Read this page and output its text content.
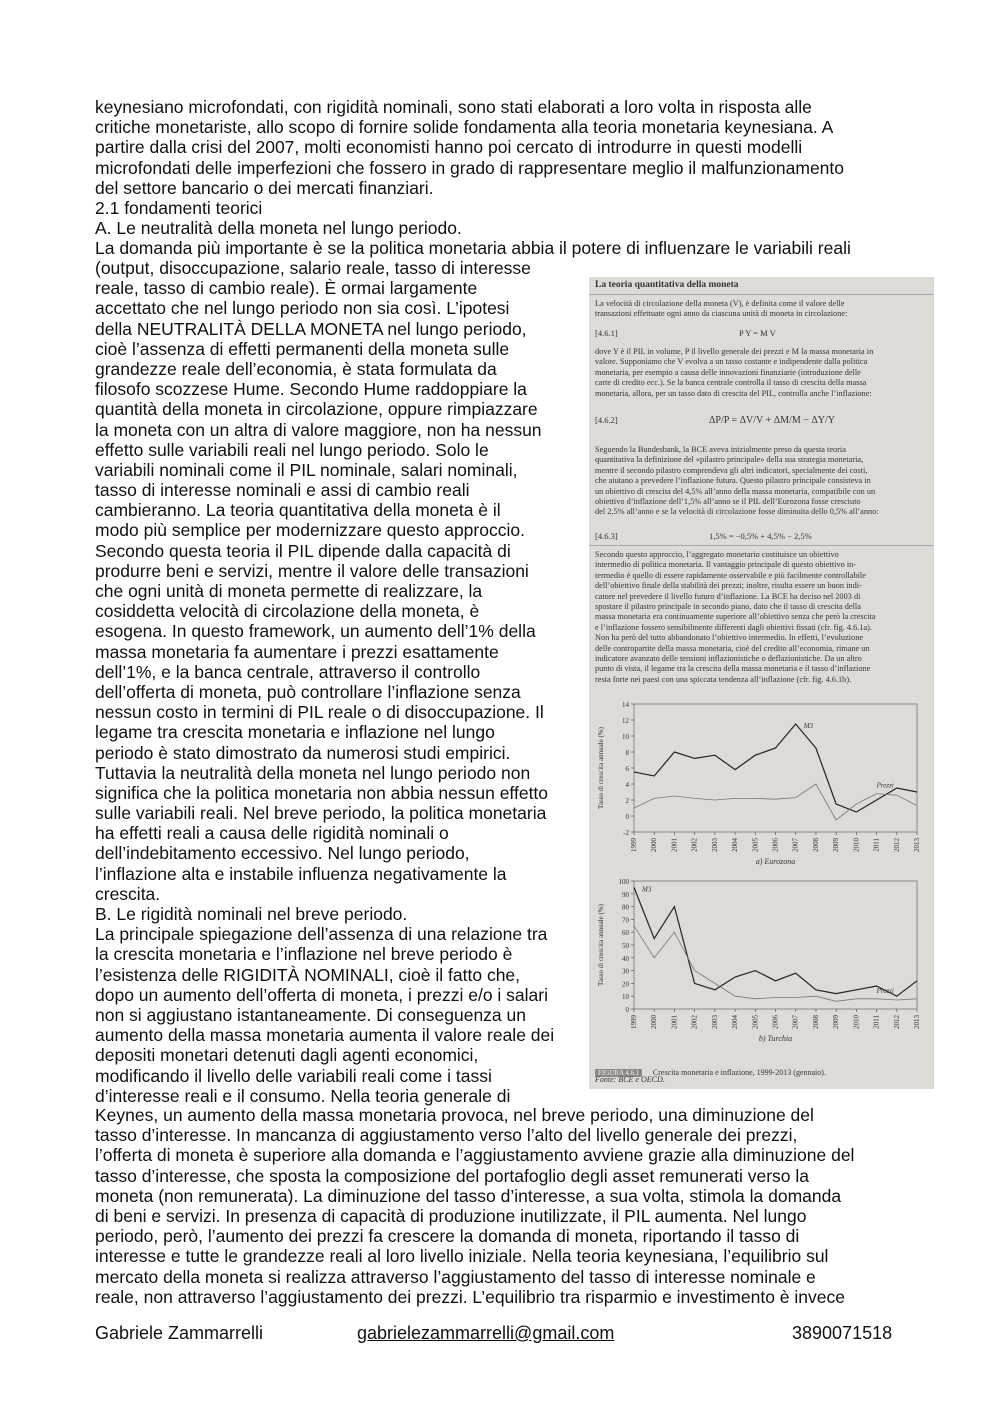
keynesiano microfondati, con rigidità nominali, sono stati elaborati a loro volta in risposta alle
critiche monetariste, allo scopo di fornire solide fondamenta alla teoria monetaria keynesiana. A
partire dalla crisi del 2007, molti economisti hanno poi cercato di introdurre in questi modelli
microfondati delle imperfezioni che fossero in grado di rappresentare meglio il malfunzionamento
del settore bancario o dei mercati finanziari.
2.1 fondamenti teorici
A. Le neutralità della moneta nel lungo periodo.
La domanda più importante è se la politica monetaria abbia il potere di influenzare le variabili reali
(output, disoccupazione, salario reale, tasso di interesse
reale, tasso di cambio reale). È ormai largamente
accettato che nel lungo periodo non sia così. L’ipotesi
della NEUTRALITÀ DELLA MONETA nel lungo periodo,
cioè l’assenza di effetti permanenti della moneta sulle
grandezze reale dell’economia, è stata formulata da
filosofo scozzese Hume. Secondo Hume raddoppiare la
quantità della moneta in circolazione, oppure rimpiazzare
la moneta con un altra di valore maggiore, non ha nessun
effetto sulle variabili reali nel lungo periodo. Solo le
variabili nominali come il PIL nominale, salari nominali,
tasso di interesse nominali e assi di cambio reali
cambieranno. La teoria quantitativa della moneta è il
modo più semplice per modernizzare questo approccio.
Secondo questa teoria il PIL dipende dalla capacità di
produrre beni e servizi, mentre il valore delle transazioni
che ogni unità di moneta permette di realizzare, la
cosiddetta velocità di circolazione della moneta, è
esogena. In questo framework, un aumento dell’1% della
massa monetaria fa aumentare i prezzi esattamente
dell’1%, e la banca centrale, attraverso il controllo
dell’offerta di moneta, può controllare l’inflazione senza
nessun costo in termini di PIL reale o di disoccupazione. Il
legame tra crescita monetaria e inflazione nel lungo
periodo è stato dimostrato da numerosi studi empirici.
Tuttavia la neutralità della moneta nel lungo periodo non
significa che la politica monetaria non abbia nessun effetto
sulle variabili reali. Nel breve periodo, la politica monetaria
ha effetti reali a causa delle rigidità nominali o
dell’indebitamento eccessivo. Nel lungo periodo,
l’inflazione alta e instabile influenza negativamente la
crescita.
B. Le rigidità nominali nel breve periodo.
La principale spiegazione dell’assenza di una relazione tra
la crescita monetaria e l’inflazione nel breve periodo è
l’esistenza delle RIGIDITÀ NOMINALI, cioè il fatto che,
dopo un aumento dell’offerta di moneta, i prezzi e/o i salari
non si aggiustano istantaneamente. Di conseguenza un
aumento della massa monetaria aumenta il valore reale dei
depositi monetari detenuti dagli agenti economici,
modificando il livello delle variabili reali come i tassi
d’interesse reali e il consumo. Nella teoria generale di
Keynes, un aumento della massa monetaria provoca, nel breve periodo, una diminuzione del
tasso d’interesse. In mancanza di aggiustamento verso l’alto del livello generale dei prezzi,
l’offerta di moneta è superiore alla domanda e l’aggiustamento avviene grazie alla diminuzione del
tasso d’interesse, che sposta la composizione del portafoglio degli asset remunerati verso la
moneta (non remunerata). La diminuzione del tasso d’interesse, a sua volta, stimola la domanda
di beni e servizi. In presenza di capacità di produzione inutilizzate, il PIL aumenta. Nel lungo
periodo, però, l’aumento dei prezzi fa crescere la domanda di moneta, riportando il tasso di
interesse e tutte le grandezze reali al loro livello iniziale. Nella teoria keynesiana, l’equilibrio sul
mercato della moneta si realizza attraverso l’aggiustamento del tasso di interesse nominale e
reale, non attraverso l’aggiustamento dei prezzi. L’equilibrio tra risparmio e investimento è invece
La teoria quantitativa della moneta
La velocità di circolazione della moneta (V), è definita come il valore delle
transazioni effettuate ogni anno da ciascuna unità di moneta in circolazione:
[4.6.1]	P Y = M V
dove Y è il PIL in volume, P il livello generale dei prezzi e M la massa monetaria in
valore. Supponiamo che V evolva a un tasso costante e indipendente dalla politica
monetaria, per esempio a causa delle innovazioni finanziarie (introduzione delle
carte di credito ecc.). Se la banca centrale controlla il tasso di crescita della massa
monetaria, allora, per un tasso dato di crescita del PIL, controlla anche l’inflazione:
[4.6.2]	ΔP/P = ΔV/V + ΔM/M − ΔY/Y
Seguendo la Bundesbank, la BCE aveva inizialmente preso da questa teoria
quantitativa la definizione del «pilastro principale» della sua strategia monetaria,
mentre il secondo pilastro comprendeva gli altri indicatori, specialmente dei costi,
che aiutano a prevedere l’inflazione futura. Questo pilastro principale consisteva in
un obiettivo di crescita del 4,5% all’anno della massa monetaria, compatibile con un
obiettivo d’inflazione dell’1,5% all’anno se il PIL dell’Eurozona fosse cresciuto
del 2,5% all’anno e se la velocità di circolazione fosse diminuita dello 0,5% all’anno:
[4.6.3]	1,5% = −0,5% + 4,5% − 2,5%
Secondo questo approccio, l’aggregato monetario costituisce un obiettivo
intermedio di politica monetaria. Il vantaggio principale di questo obiettivo in-
termedio è quello di essere rapidamente osservabile e più facilmente controllabile
dell’obiettivo finale della stabilità dei prezzi; inoltre, risulta essere un buon indi-
catore nel prevedere il livello futuro d’inflazione. La BCE ha deciso nel 2003 di
spostare il pilastro principale in secondo piano, dato che il tasso di crescita della
massa monetaria era continuamente superiore all’obiettivo senza che però la crescita
e l’inflazione fossero sensibilmente differenti dagli obiettivi fissati (cfr. fig. 4.6.1a).
Non ha però del tutto abbandonato l’obiettivo intermedio. In effetti, l’evoluzione
delle contropartite della massa monetaria, cioè del credito all’economia, rimane un
indicatore avanzato delle tensioni inflazionistiche o deflazionistiche. Da un altro
punto di vista, il legame tra la crescita della massa monetaria e il tasso d’inflazione
resta forte nei paesi con una spiccata tendenza all’inflazione (cfr. fig. 4.6.1b).
-2
0
2
4
6
8
10
12
14
1999 2000 2001 2002 2003 2004 2005 2006 2007 2008 2009 2010 2011 2012 2013
Tasso di crescita annuale (%)
a) Eurozona
M3
Prezzi
0
10
20
30
40
50
60
70
80
90
100
1999 2000 2001 2002 2003 2004 2005 2006 2007 2008 2009 2010 2011 2012 2013
Tasso di crescita annuale (%)
b) Turchia
M3
Prezzi
FIGURA 4.6.1 Crescita monetaria e inflazione, 1999-2013 (gennaio).
Fonte: BCE e OECD.
Gabriele Zammarrelli	gabrielezammarrelli@gmail.com	3890071518
